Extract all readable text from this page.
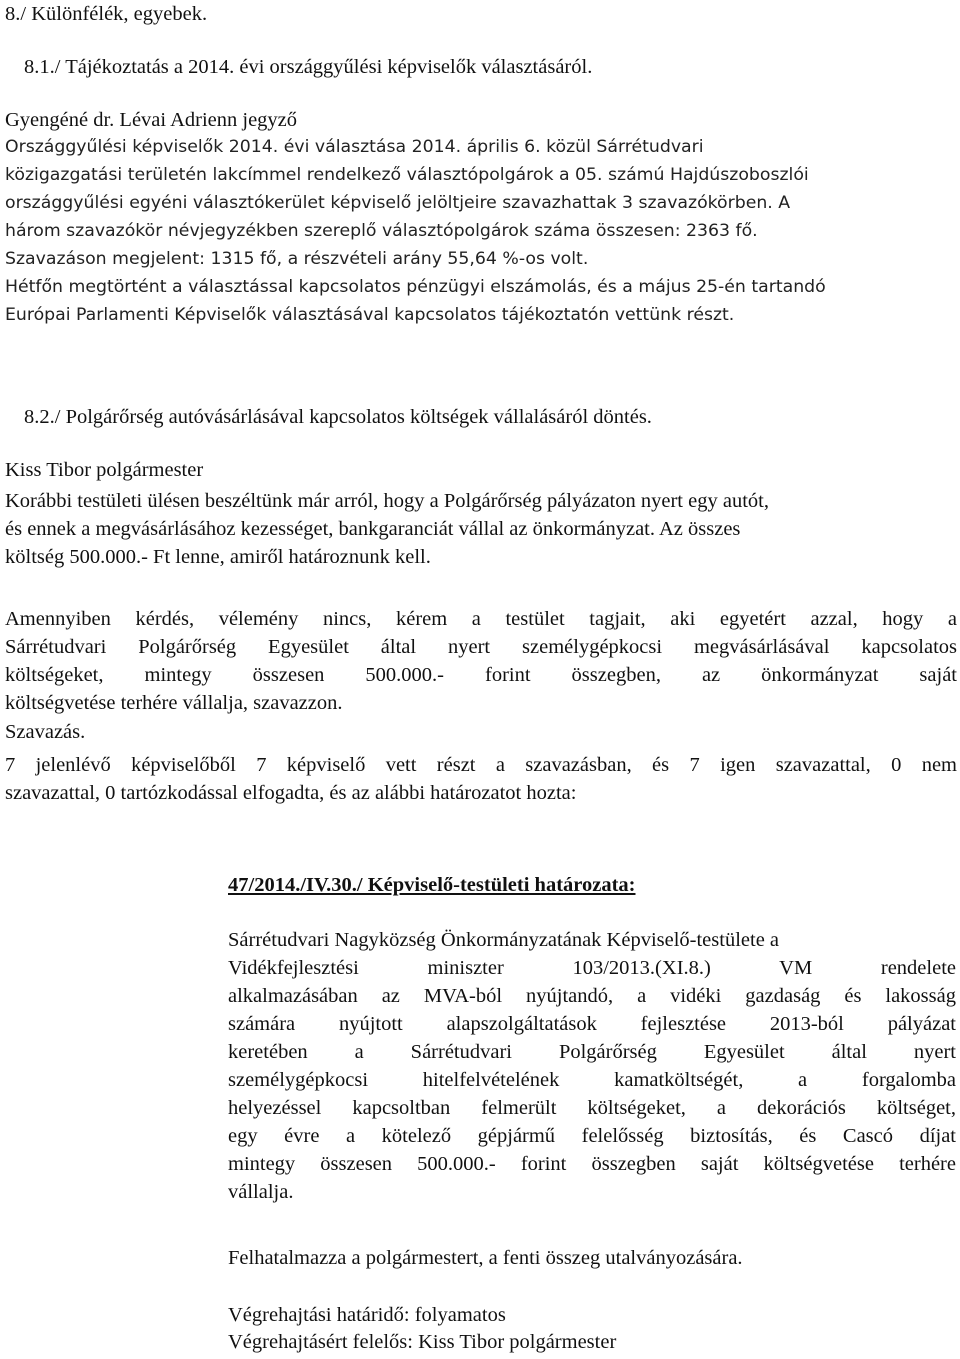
8./ Különfélék, egyebek.

8.1./ Tájékoztatás a 2014. évi országgyűlési képviselők választásáról.

Gyengéné dr. Lévai Adrienn jegyző

Országgyűlési képviselők 2014. évi választása 2014. április 6. közül Sárrétudvari
közigazgatási területén lakcímmel rendelkező választópolgárok a 05. számú Hajdúszoboszlói
országgyűlési egyéni választókerület képviselő jelöltjeire szavazhattak 3 szavazókörben. A
három szavazókör névjegyzékben szereplő választópolgárok száma összesen: 2363 fő.
Szavazáson megjelent: 1315 fő, a részvételi arány 55,64 %-os volt.
Hétfőn megtörtént a választással kapcsolatos pénzügyi elszámolás, és a május 25-én tartandó
Európai Parlamenti Képviselők választásával kapcsolatos tájékoztatón vettünk részt.

8.2./ Polgárőrség autóvásárlásával kapcsolatos költségek vállalásáról döntés.

Kiss Tibor polgármester

Korábbi testületi ülésen beszéltünk már arról, hogy a Polgárőrség pályázaton nyert egy autót,
és ennek a megvásárlásához kezességet, bankgaranciát vállal az önkormányzat. Az összes
költség 500.000.- Ft lenne, amiről határoznunk kell.
Amennyiben kérdés, vélemény nincs, kérem a testület tagjait, aki egyetért azzal, hogy a
Sárrétudvari Polgárőrség Egyesület által nyert személygépkocsi megvásárlásával kapcsolatos
költségeket, mintegy összesen 500.000.- forint összegben, az önkormányzat saját
költségvetése terhére vállalja, szavazzon.

Szavazás.

7 jelenlévő képviselőből 7 képviselő vett részt a szavazásban, és 7 igen szavazattal, 0 nem
szavazattal, 0 tartózkodással elfogadta, és az alábbi határozatot hozta:

47/2014./IV.30./ Képviselő-testületi határozata:

Sárrétudvari Nagyközség Önkormányzatának Képviselő-testülete a
Vidékfejlesztési miniszter 103/2013.(XI.8.) VM rendelete
alkalmazásában az MVA-ból nyújtandó, a vidéki gazdaság és lakosság
számára nyújtott alapszolgáltatások fejlesztése 2013-ból pályázat
keretében a Sárrétudvari Polgárőrség Egyesület által nyert
személygépkocsi hitelfelvételének kamatköltségét, a forgalomba
helyezéssel kapcsoltban felmerült költségeket, a dekorációs költséget,
egy évre a kötelező gépjármű felelősség biztosítás, és Cascó díjat
mintegy összesen 500.000.- forint összegben saját költségvetése terhére
vállalja.

Felhatalmazza a polgármestert, a fenti összeg utalványozására.

Végrehajtási határidő: folyamatos

Végrehajtásért felelős: Kiss Tibor polgármester
